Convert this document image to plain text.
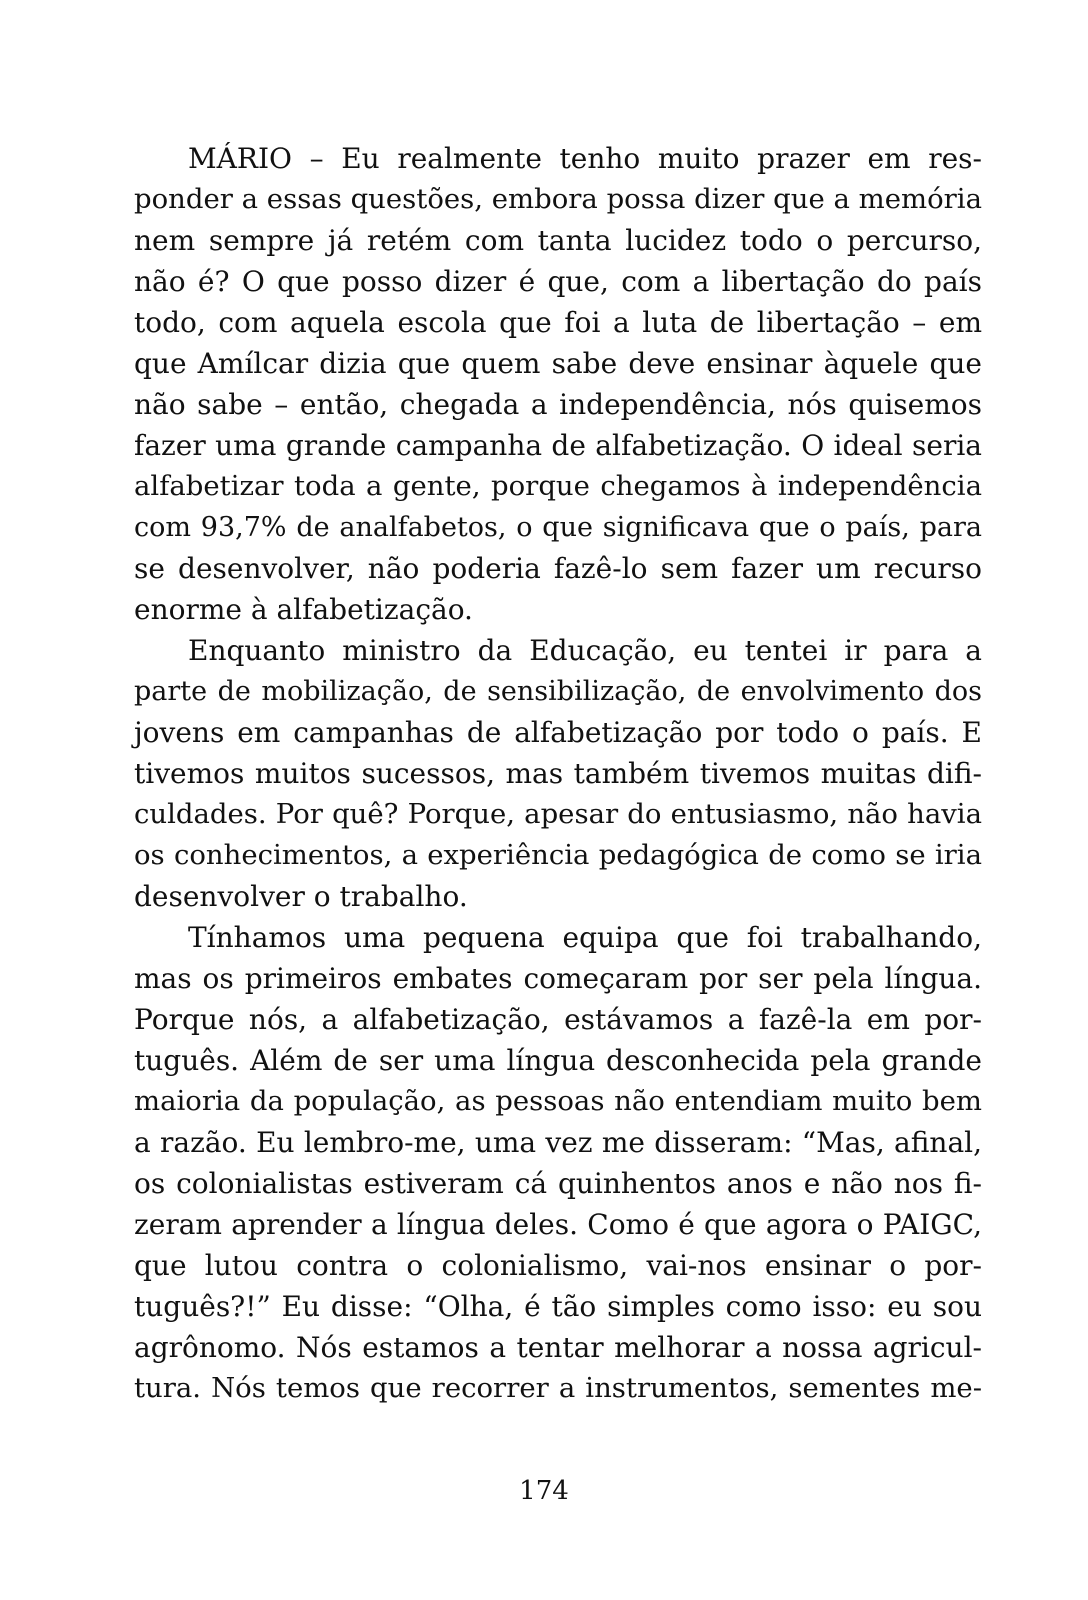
MÁRIO – Eu realmente tenho muito prazer em res-
ponder a essas questões, embora possa dizer que a memória
nem sempre já retém com tanta lucidez todo o percurso,
não é? O que posso dizer é que, com a libertação do país
todo, com aquela escola que foi a luta de libertação – em
que Amílcar dizia que quem sabe deve ensinar àquele que
não sabe – então, chegada a independência, nós quisemos
fazer uma grande campanha de alfabetização. O ideal seria
alfabetizar toda a gente, porque chegamos à independência
com 93,7% de analfabetos, o que significava que o país, para
se desenvolver, não poderia fazê-lo sem fazer um recurso
enorme à alfabetização.
Enquanto ministro da Educação, eu tentei ir para a
parte de mobilização, de sensibilização, de envolvimento dos
jovens em campanhas de alfabetização por todo o país. E
tivemos muitos sucessos, mas também tivemos muitas difi-
culdades. Por quê? Porque, apesar do entusiasmo, não havia
os conhecimentos, a experiência pedagógica de como se iria
desenvolver o trabalho.
Tínhamos uma pequena equipa que foi trabalhando,
mas os primeiros embates começaram por ser pela língua.
Porque nós, a alfabetização, estávamos a fazê-la em por-
tuguês. Além de ser uma língua desconhecida pela grande
maioria da população, as pessoas não entendiam muito bem
a razão. Eu lembro-me, uma vez me disseram: “Mas, afinal,
os colonialistas estiveram cá quinhentos anos e não nos fi-
zeram aprender a língua deles. Como é que agora o PAIGC,
que lutou contra o colonialismo, vai-nos ensinar o por-
tuguês?!” Eu disse: “Olha, é tão simples como isso: eu sou
agrônomo. Nós estamos a tentar melhorar a nossa agricul-
tura. Nós temos que recorrer a instrumentos, sementes me-
174
